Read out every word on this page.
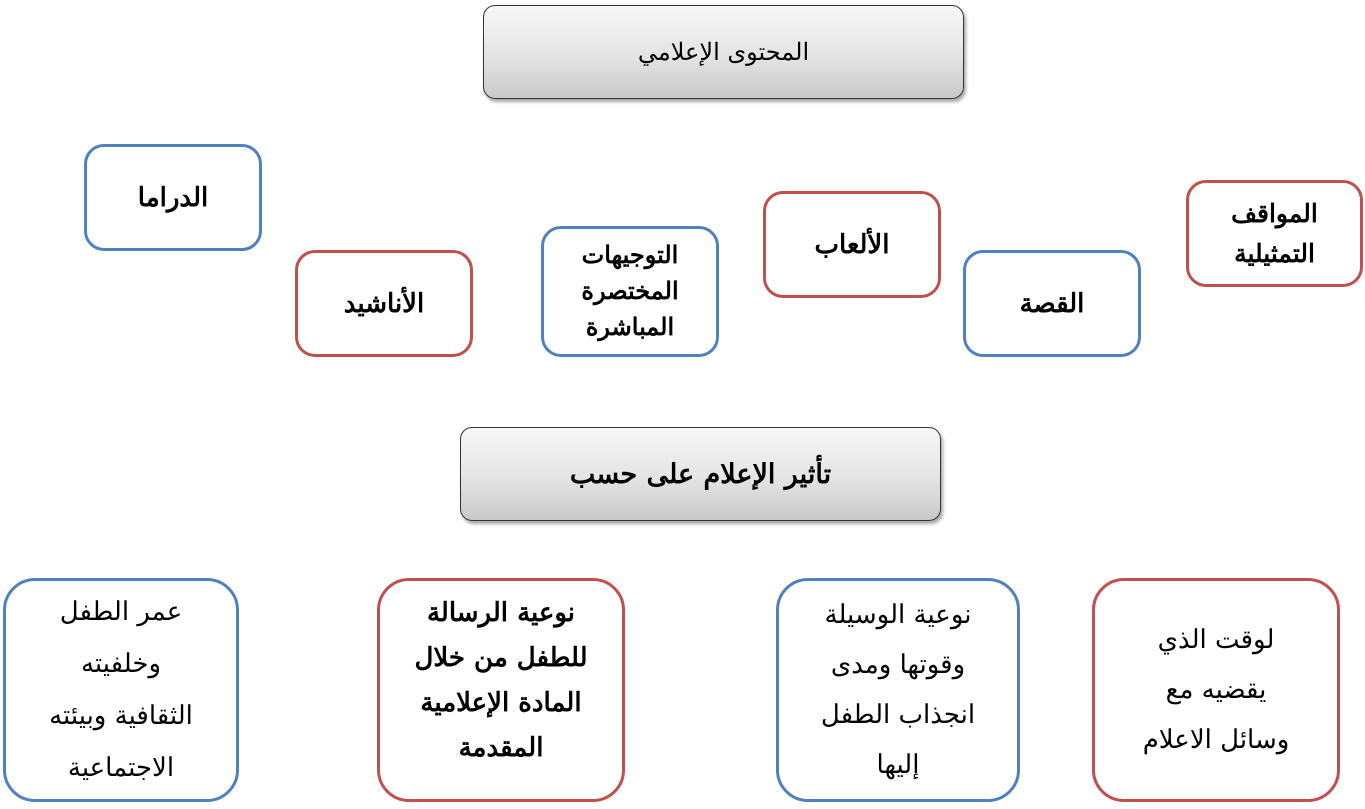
المحتوى الإعلامي
الدراما
الأناشيد
التوجيهات
المختصرة
المباشرة
الألعاب
القصة
المواقف
التمثيلية
تأثير الإعلام على حسب
عمر الطفل
وخلفيته
الثقافية وبيئته
الاجتماعية
نوعية الرسالة
للطفل من خلال
المادة الإعلامية
المقدمة
نوعية الوسيلة
وقوتها ومدى
انجذاب الطفل
إليها
لوقت الذي
يقضيه مع
وسائل الاعلام
